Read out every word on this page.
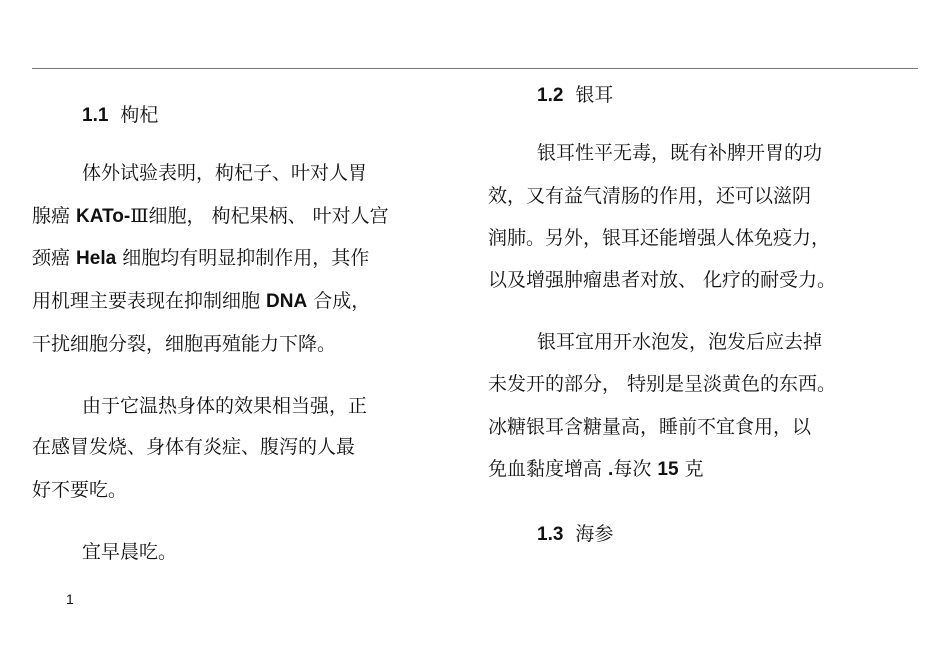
1.1 枸杞
体外试验表明，枸杞子、叶对人胃
腺癌 KATo-Ⅲ细胞， 枸杞果柄、 叶对人宫
颈癌 Hela 细胞均有明显抑制作用，其作
用机理主要表现在抑制细胞 DNA 合成，
干扰细胞分裂，细胞再殖能力下降。
由于它温热身体的效果相当强，正
在感冒发烧、身体有炎症、腹泻的人最
好不要吃。
宜早晨吃。
1.2 银耳
银耳性平无毒，既有补脾开胃的功
效，又有益气清肠的作用，还可以滋阴
润肺。另外，银耳还能增强人体免疫力，
以及增强肿瘤患者对放、 化疗的耐受力。
银耳宜用开水泡发，泡发后应去掉
未发开的部分， 特别是呈淡黄色的东西。
冰糖银耳含糖量高，睡前不宜食用，以
免血黏度增高 .每次 15 克
1.3 海参
1
